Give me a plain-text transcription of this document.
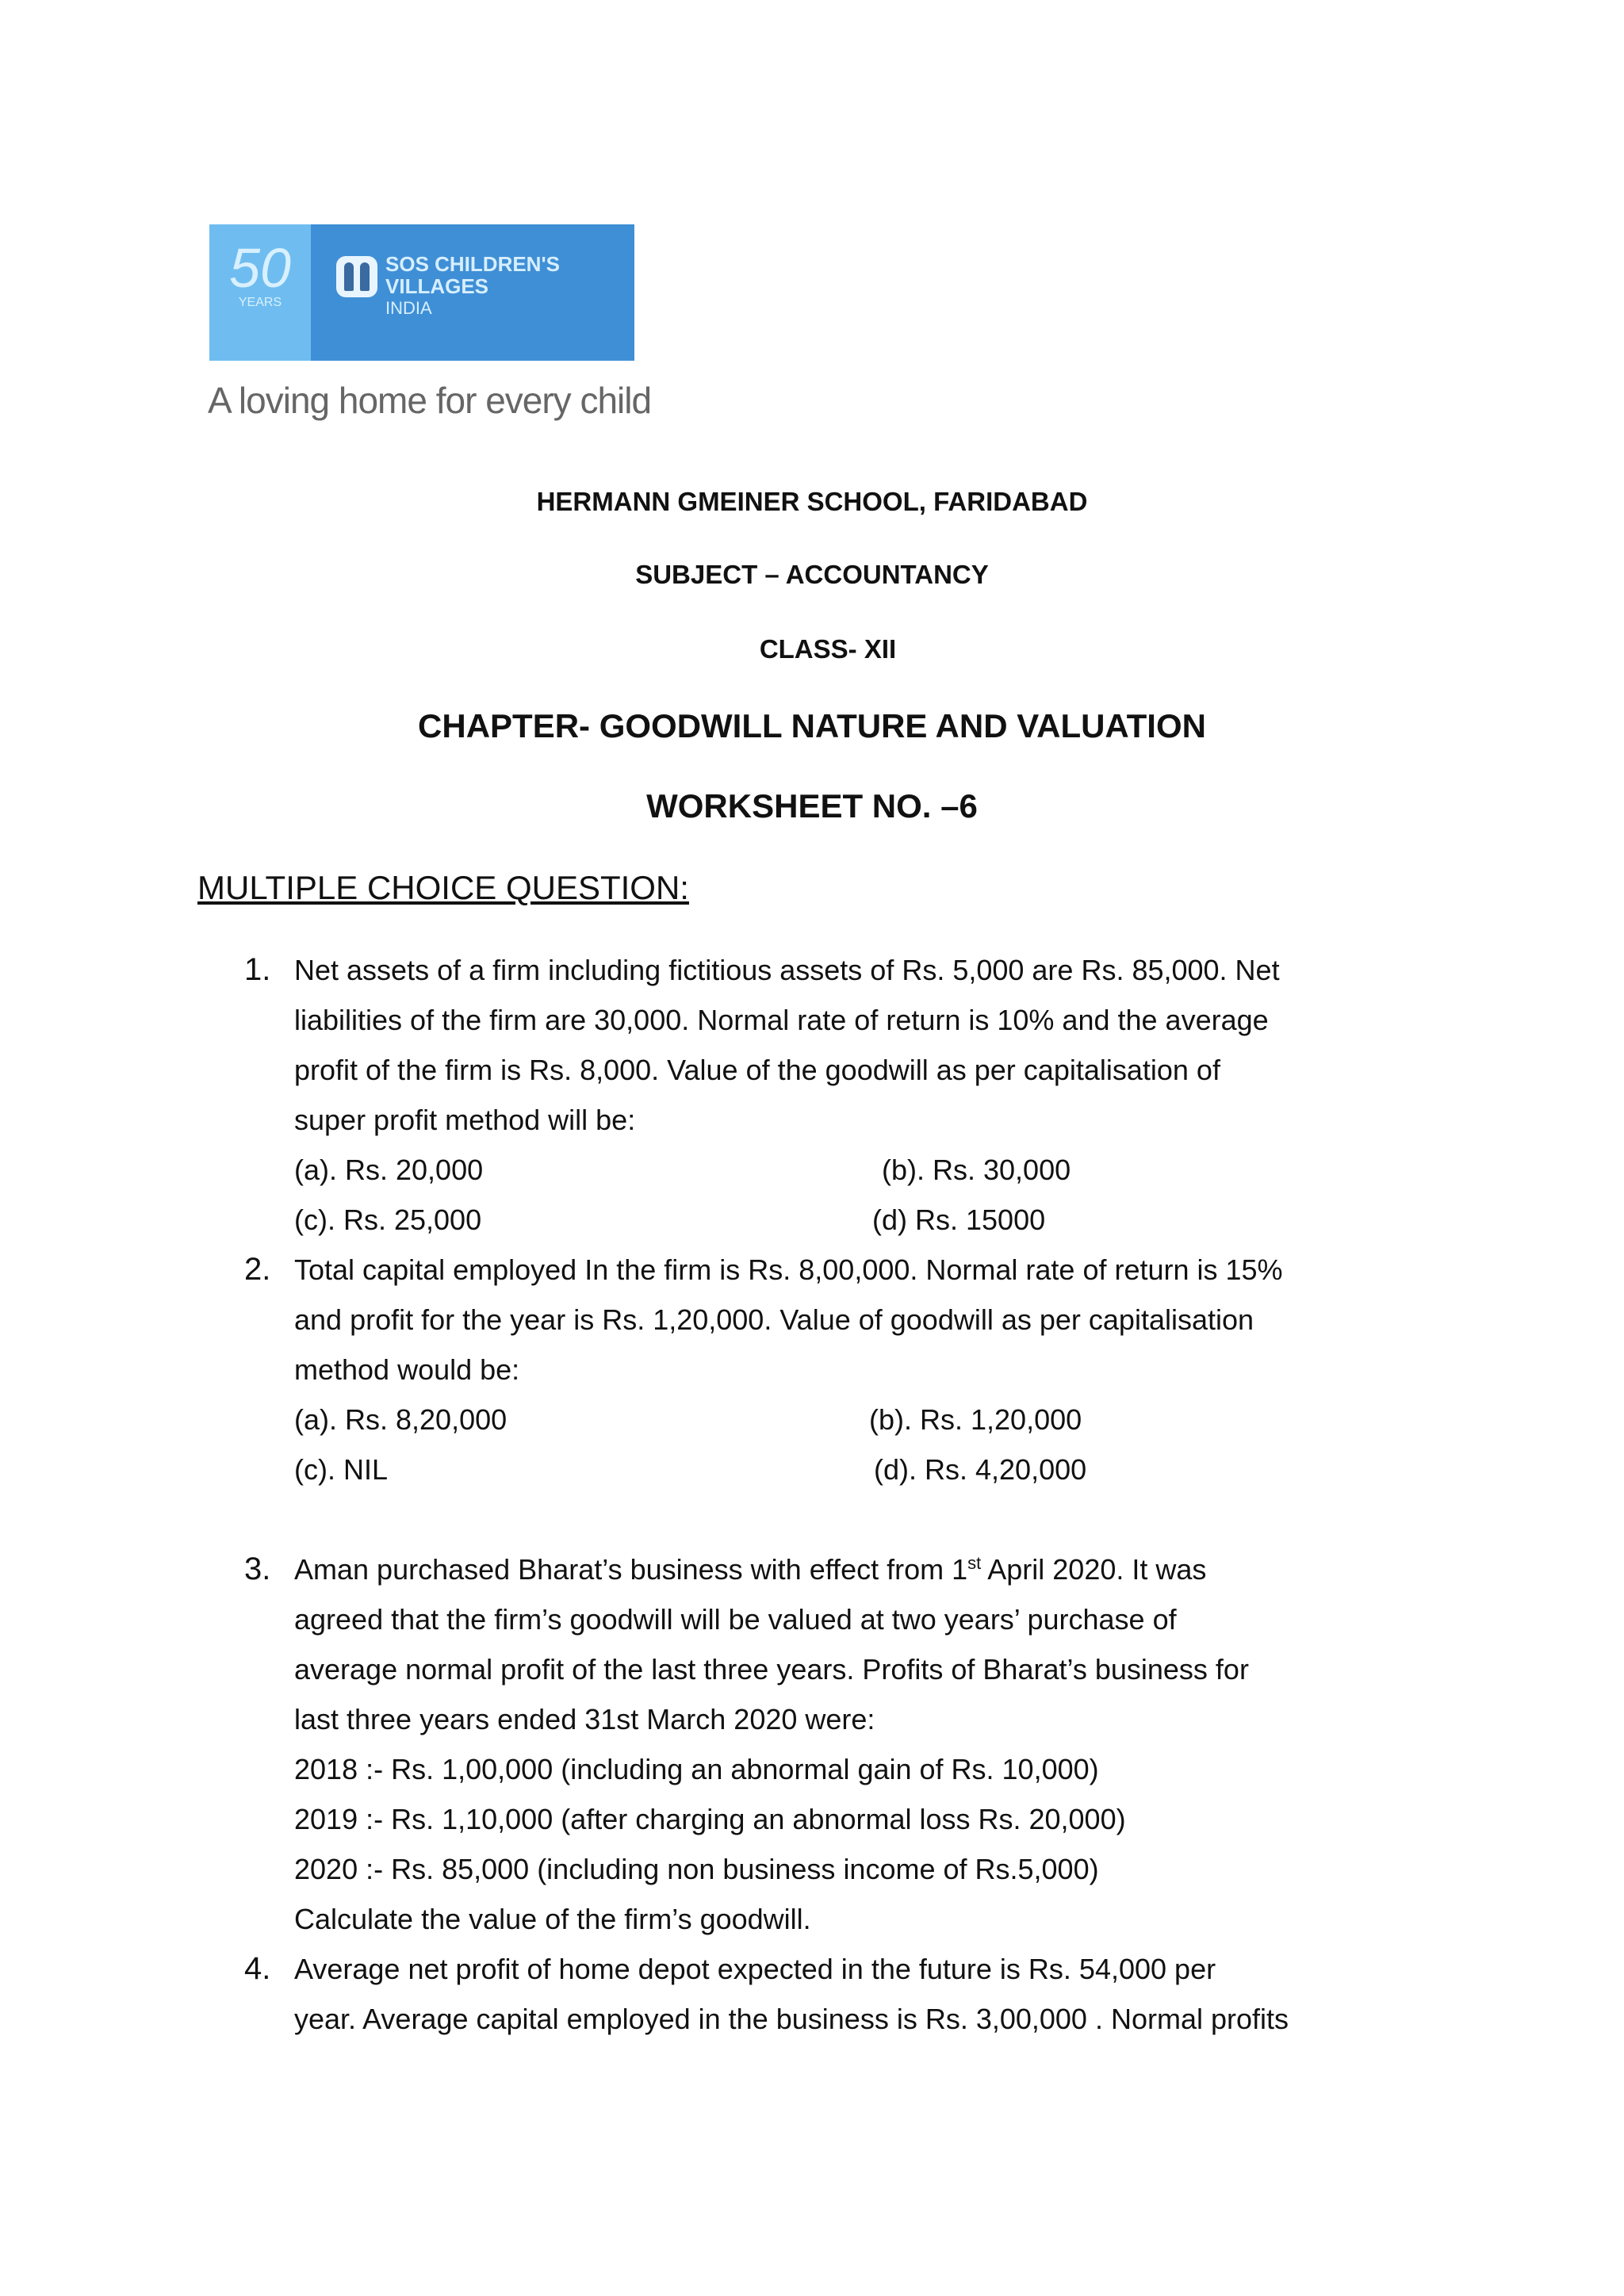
50
YEARS
SOS CHILDREN'S
VILLAGES
INDIA
A loving home for every child
HERMANN GMEINER SCHOOL, FARIDABAD
SUBJECT – ACCOUNTANCY
CLASS- XII
CHAPTER- GOODWILL NATURE AND VALUATION
WORKSHEET NO. –6
MULTIPLE CHOICE QUESTION:
1. Net assets of a firm including fictitious assets of Rs. 5,000 are Rs. 85,000. Net
liabilities of the firm are 30,000. Normal rate of return is 10% and the average
profit of the firm is Rs. 8,000. Value of the goodwill as per capitalisation of
super profit method will be:
(a). Rs. 20,000	(b). Rs. 30,000
(c). Rs. 25,000	(d) Rs. 15000
2. Total capital employed In the firm is Rs. 8,00,000. Normal rate of return is 15%
and profit for the year is Rs. 1,20,000. Value of goodwill as per capitalisation
method would be:
(a). Rs. 8,20,000	(b). Rs. 1,20,000
(c). NIL	(d). Rs. 4,20,000
3. Aman purchased Bharat’s business with effect from 1st April 2020. It was
agreed that the firm’s goodwill will be valued at two years’ purchase of
average normal profit of the last three years. Profits of Bharat’s business for
last three years ended 31st March 2020 were:
2018 :- Rs. 1,00,000 (including an abnormal gain of Rs. 10,000)
2019 :- Rs. 1,10,000 (after charging an abnormal loss Rs. 20,000)
2020 :- Rs. 85,000 (including non business income of Rs.5,000)
Calculate the value of the firm’s goodwill.
4. Average net profit of home depot expected in the future is Rs. 54,000 per
year. Average capital employed in the business is Rs. 3,00,000 . Normal profits
